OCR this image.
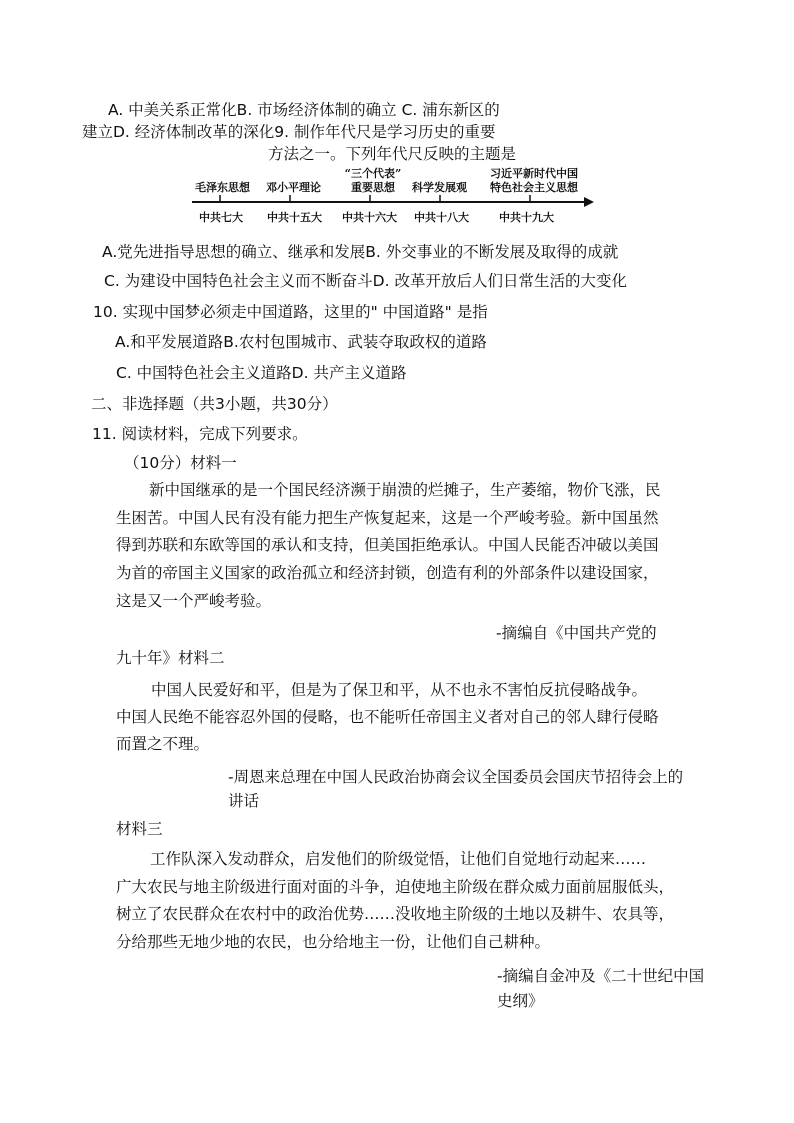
A. 中美关系正常化B. 市场经济体制的确立 C. 浦东新区的
建立D. 经济体制改革的深化9. 制作年代尺是学习历史的重要
方法之一。下列年代尺反映的主题是
毛泽东思想 邓小平理论
“三个代表”
重要思想	科学发展观
习近平新时代中国
特色社会主义思想
中共七大 中共十五大 中共十六大 中共十八大	中共十九大
A.党先进指导思想的确立、继承和发展B. 外交事业的不断发展及取得的成就
C. 为建设中国特色社会主义而不断奋斗D. 改革开放后人们日常生活的大变化
10. 实现中国梦必须走中国道路，这里的" 中国道路" 是指
A.和平发展道路B.农村包围城市、武装夺取政权的道路
C. 中国特色社会主义道路D. 共产主义道路
二、非选择题（共3小题，共30分）
11. 阅读材料，完成下列要求。
（10分）材料一
新中国继承的是一个国民经济濒于崩溃的烂摊子，生产萎缩，物价飞涨，民
生困苦。中国人民有没有能力把生产恢复起来，这是一个严峻考验。新中国虽然
得到苏联和东欧等国的承认和支持，但美国拒绝承认。中国人民能否冲破以美国
为首的帝国主义国家的政治孤立和经济封锁，创造有利的外部条件以建设国家，
这是又一个严峻考验。
-摘编自《中国共产党的
九十年》材料二
中国人民爱好和平，但是为了保卫和平，从不也永不害怕反抗侵略战争。
中国人民绝不能容忍外国的侵略，也不能听任帝国主义者对自己的邻人肆行侵略
而置之不理。
-周恩来总理在中国人民政治协商会议全国委员会国庆节招待会上的
讲话
材料三
工作队深入发动群众，启发他们的阶级觉悟，让他们自觉地行动起来……
广大农民与地主阶级进行面对面的斗争，迫使地主阶级在群众威力面前屈服低头，
树立了农民群众在农村中的政治优势……没收地主阶级的土地以及耕牛、农具等，
分给那些无地少地的农民，也分给地主一份，让他们自己耕种。
-摘编自金冲及《二十世纪中国
史纲》
